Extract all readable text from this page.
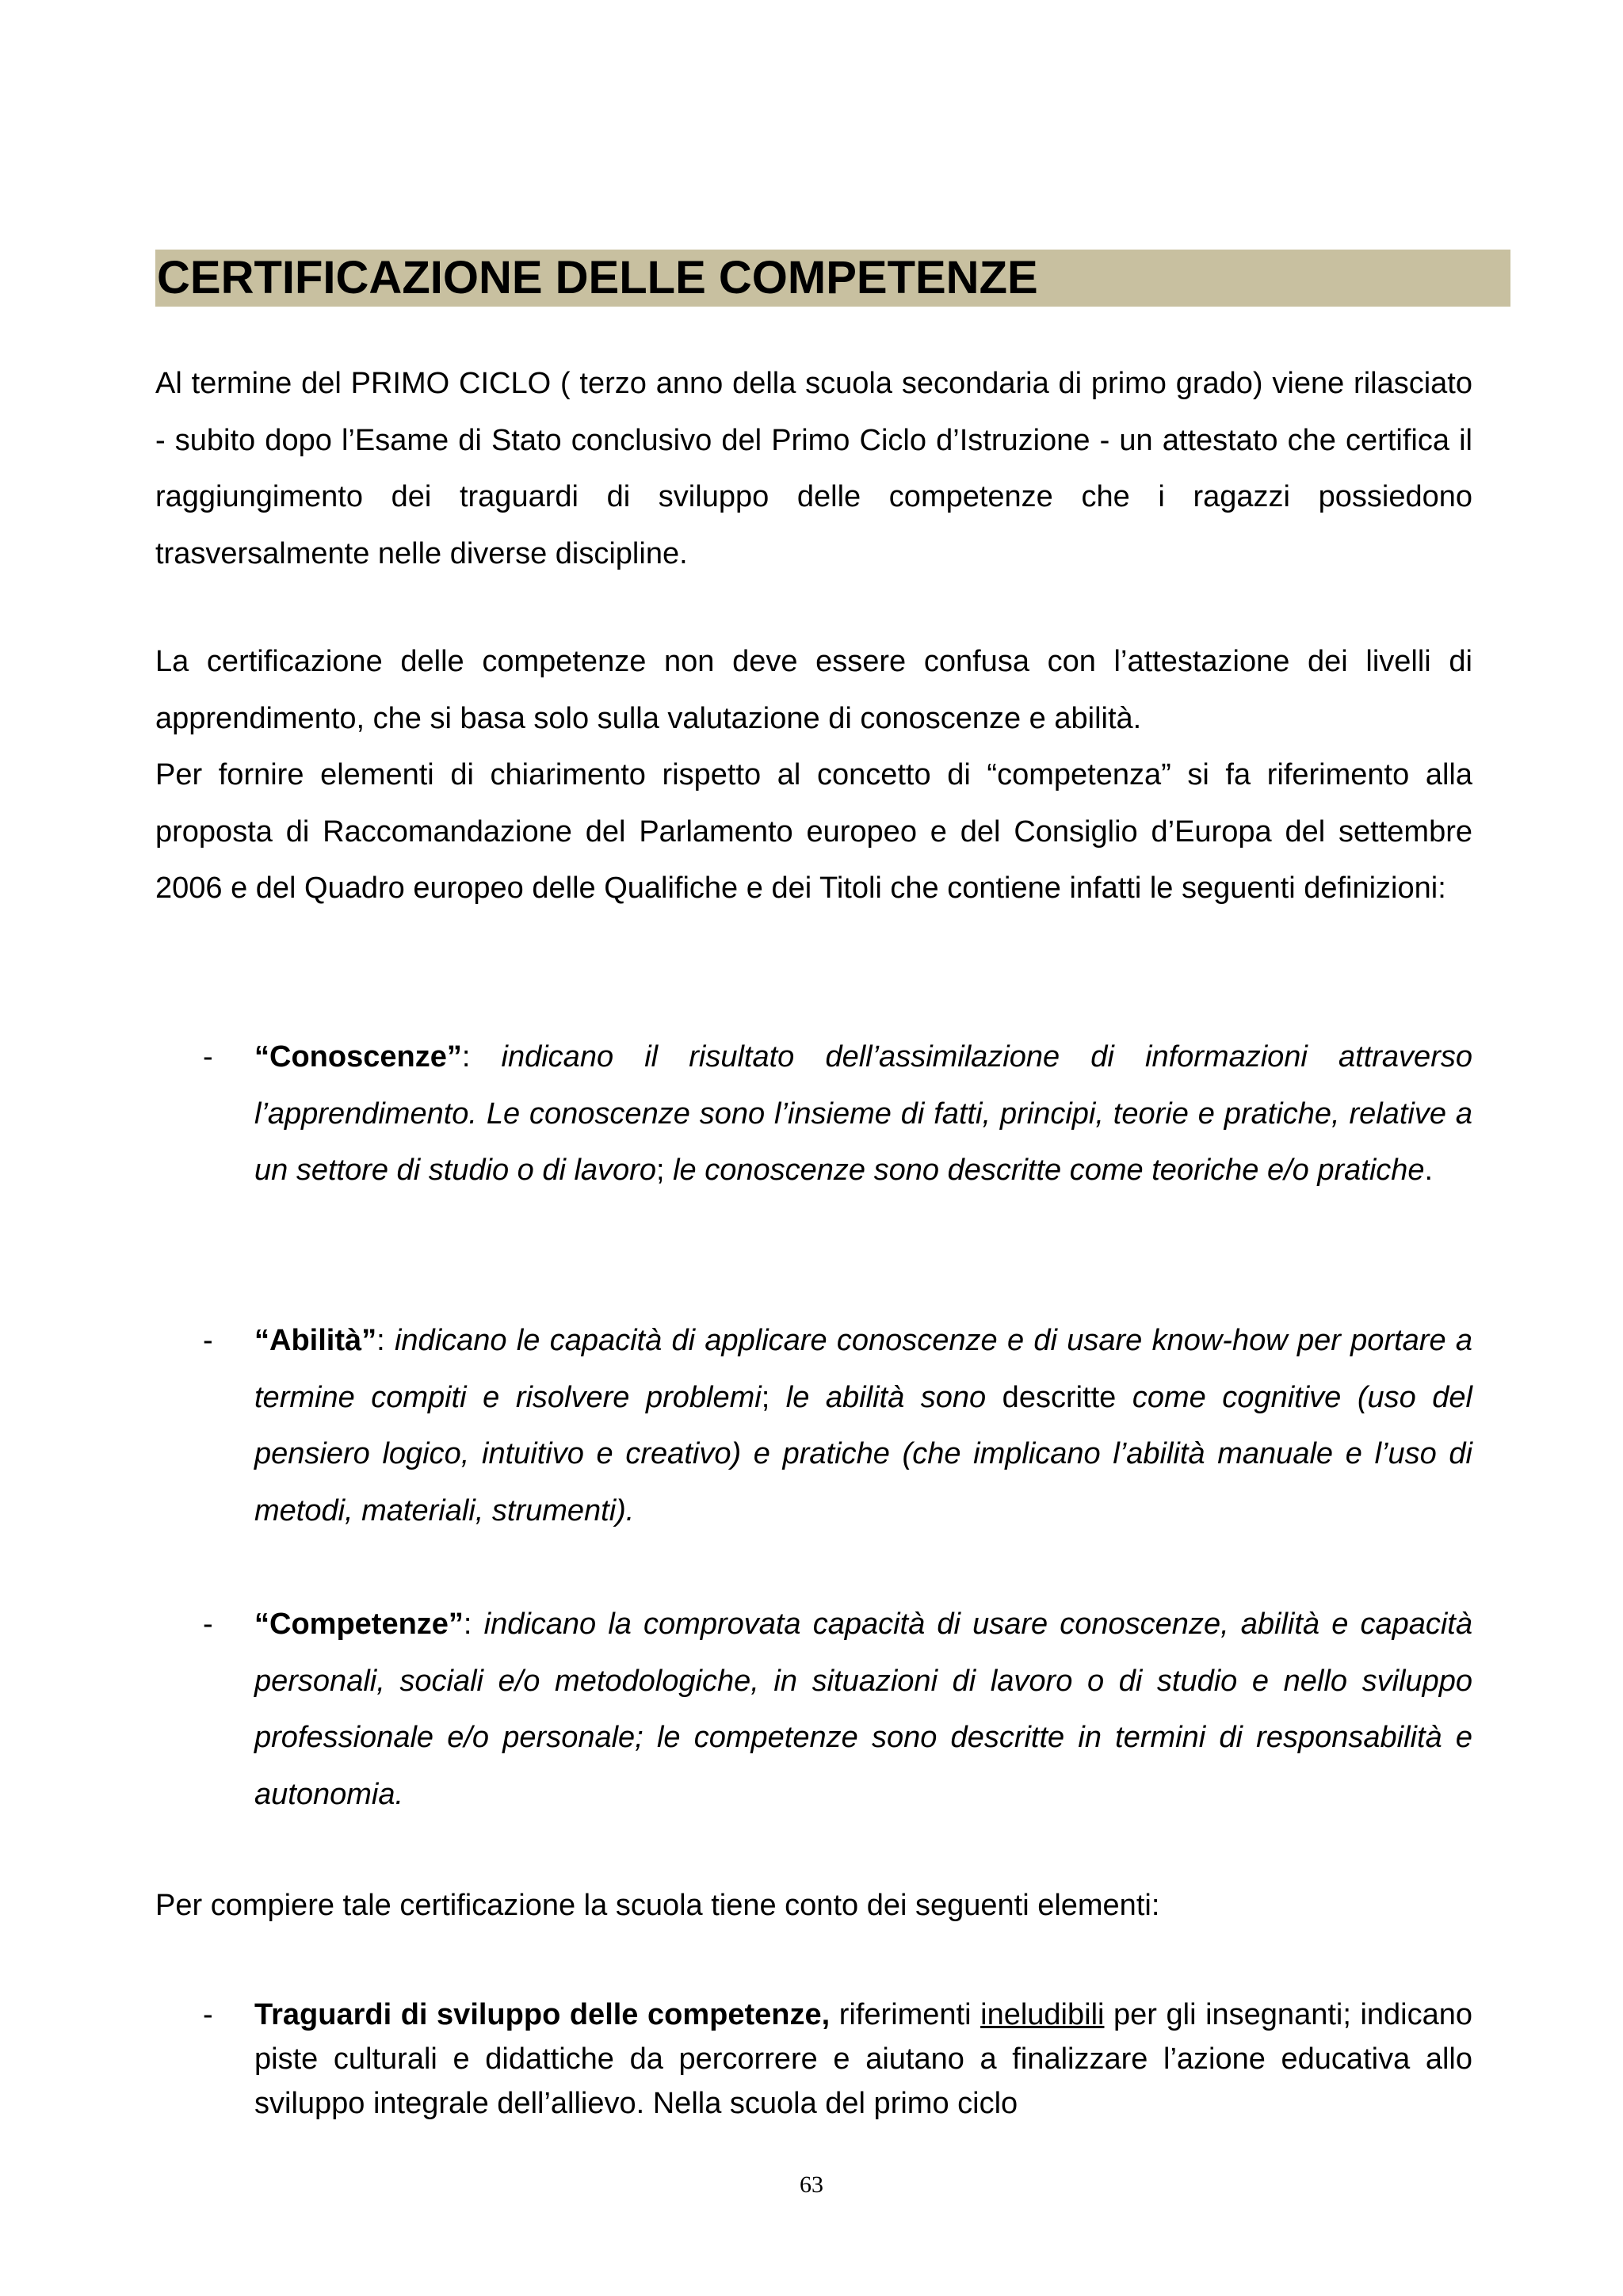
CERTIFICAZIONE DELLE COMPETENZE

Al termine del PRIMO CICLO ( terzo anno della scuola secondaria di primo grado) viene rilasciato - subito dopo l’Esame di Stato conclusivo del Primo Ciclo d’Istruzione - un attestato che certifica il raggiungimento dei traguardi di sviluppo delle competenze che i ragazzi possiedono trasversalmente nelle diverse discipline.

La certificazione delle competenze non deve essere confusa con l’attestazione dei livelli di apprendimento, che si basa solo sulla valutazione di conoscenze e abilità.
Per fornire elementi di chiarimento rispetto al concetto di “competenza” si fa riferimento alla proposta di Raccomandazione del Parlamento europeo e del Consiglio d’Europa del settembre 2006 e del Quadro europeo delle Qualifiche e dei Titoli che contiene infatti le seguenti definizioni:

- “Conoscenze”: indicano il risultato dell’assimilazione di informazioni attraverso l’apprendimento. Le conoscenze sono l’insieme di fatti, principi, teorie e pratiche, relative a un settore di studio o di lavoro; le conoscenze sono descritte come teoriche e/o pratiche.

- “Abilità”: indicano le capacità di applicare conoscenze e di usare know-how per portare a termine compiti e risolvere problemi; le abilità sono descritte come cognitive (uso del pensiero logico, intuitivo e creativo) e pratiche (che implicano l’abilità manuale e l’uso di metodi, materiali, strumenti).

- “Competenze”: indicano la comprovata capacità di usare conoscenze, abilità e capacità personali, sociali e/o metodologiche, in situazioni di lavoro o di studio e nello sviluppo professionale e/o personale; le competenze sono descritte in termini di responsabilità e autonomia.

Per compiere tale certificazione la scuola tiene conto dei seguenti elementi:

- Traguardi di sviluppo delle competenze, riferimenti ineludibili per gli insegnanti; indicano piste culturali e didattiche da percorrere e aiutano a finalizzare l’azione educativa allo sviluppo integrale dell’allievo. Nella scuola del primo ciclo

63
